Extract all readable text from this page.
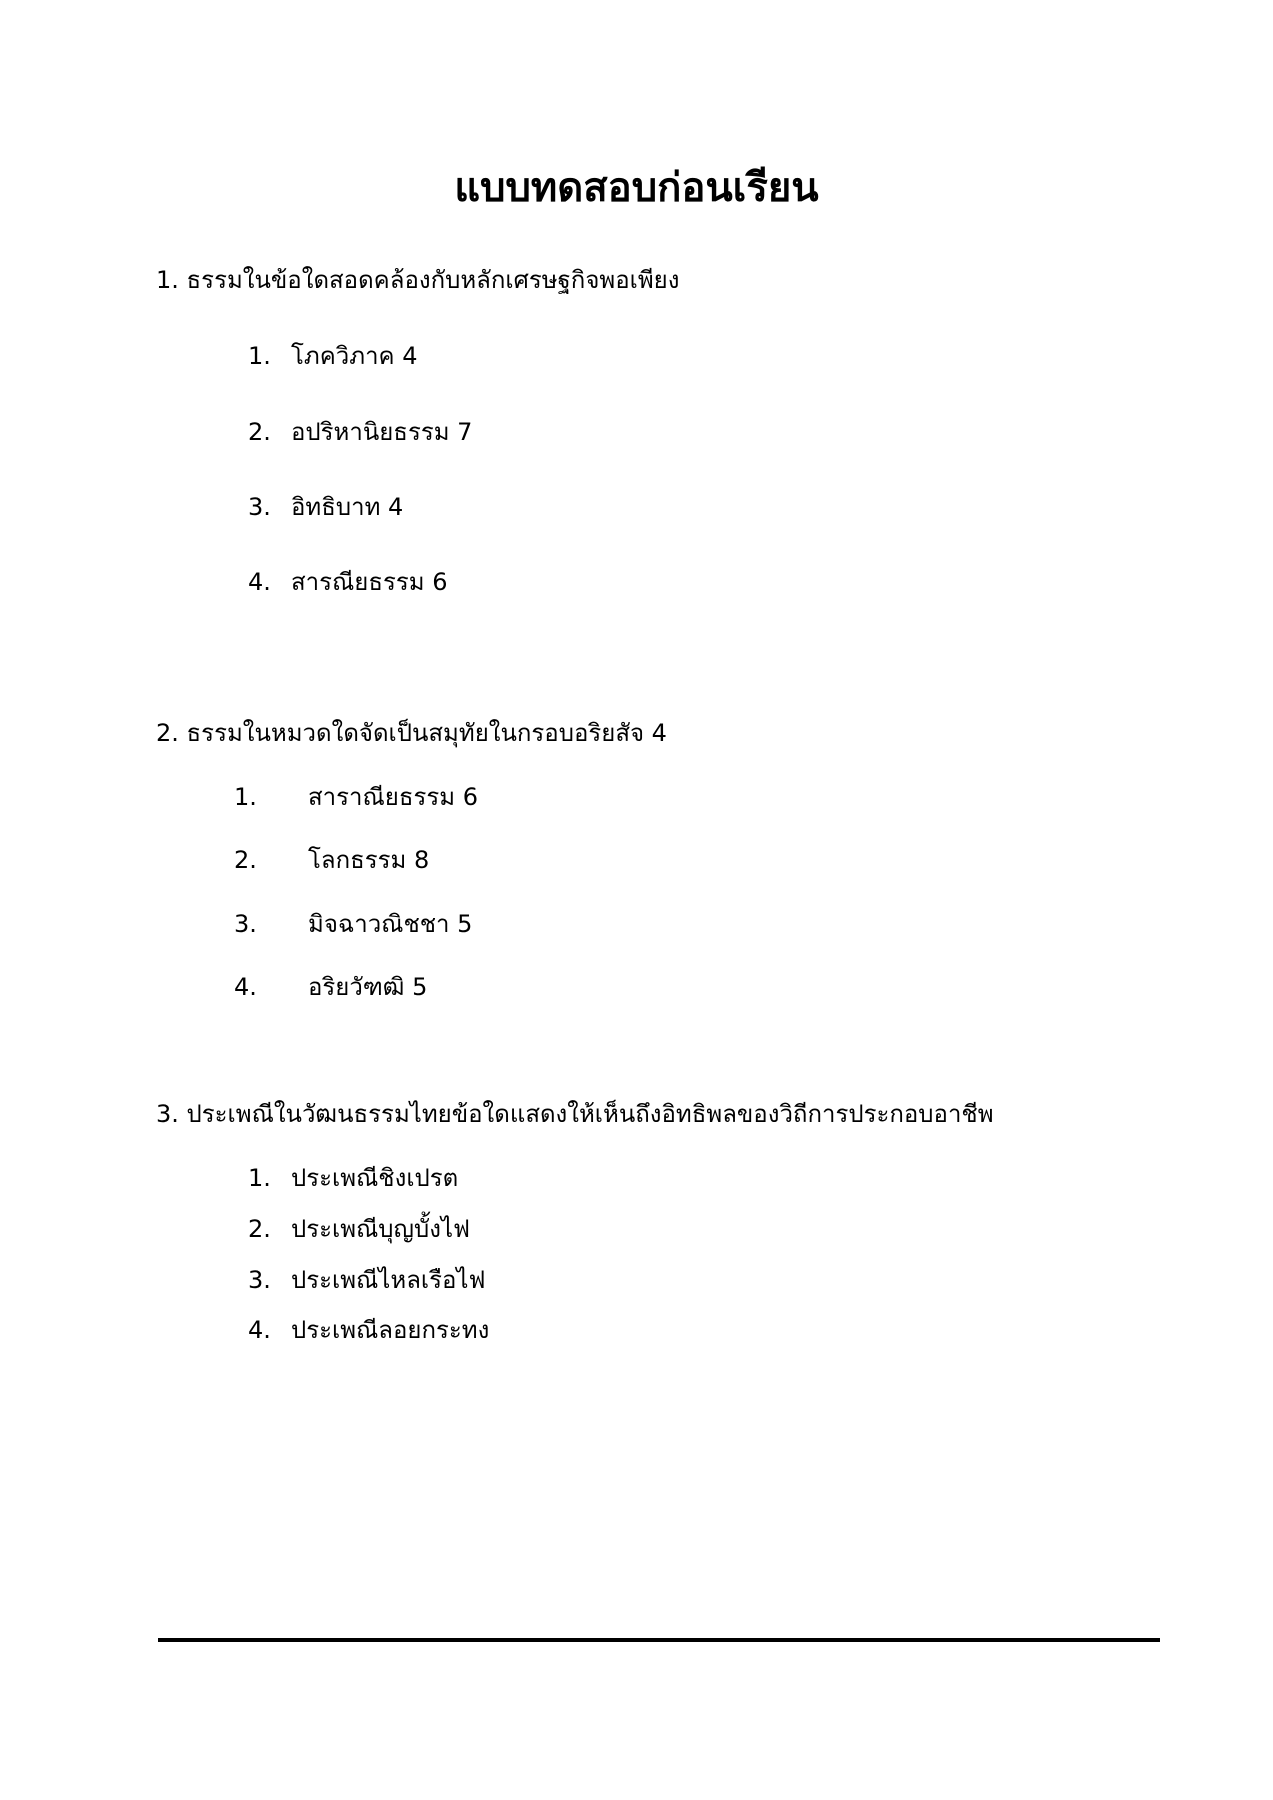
แบบทดสอบก่อนเรียน
1. ธรรมในข้อใดสอดคล้องกับหลักเศรษฐกิจพอเพียง
1. โภควิภาค 4
2. อปริหานิยธรรม 7
3. อิทธิบาท 4
4. สารณียธรรม 6
2. ธรรมในหมวดใดจัดเป็นสมุทัยในกรอบอริยสัจ 4
1. สาราณียธรรม 6
2. โลกธรรม 8
3. มิจฉาวณิชชา 5
4. อริยวัฑฒิ 5
3. ประเพณีในวัฒนธรรมไทยข้อใดแสดงให้เห็นถึงอิทธิพลของวิถีการประกอบอาชีพ
1. ประเพณีชิงเปรต
2. ประเพณีบุญบั้งไฟ
3. ประเพณีไหลเรือไฟ
4. ประเพณีลอยกระทง
